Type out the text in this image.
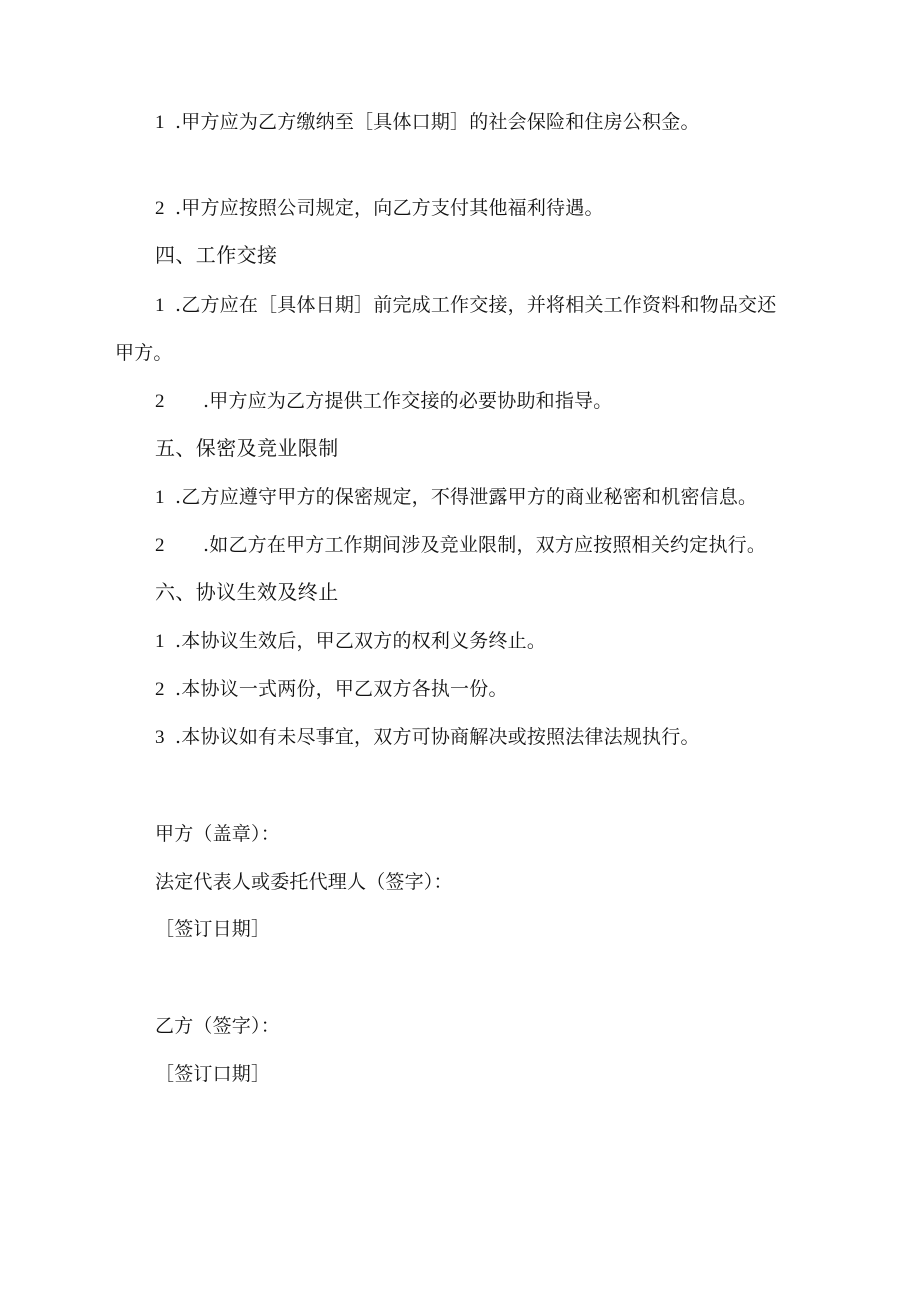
1 .甲方应为乙方缴纳至［具体口期］的社会保险和住房公积金。
2 .甲方应按照公司规定，向乙方支付其他福利待遇。
四、工作交接
1 .乙方应在［具体日期］前完成工作交接，并将相关工作资料和物品交还
甲方。
2 .甲方应为乙方提供工作交接的必要协助和指导。
五、保密及竞业限制
1 .乙方应遵守甲方的保密规定，不得泄露甲方的商业秘密和机密信息。
2 .如乙方在甲方工作期间涉及竞业限制，双方应按照相关约定执行。
六、协议生效及终止
1 .本协议生效后，甲乙双方的权利义务终止。
2 .本协议一式两份，甲乙双方各执一份。
3 .本协议如有未尽事宜，双方可协商解决或按照法律法规执行。
甲方（盖章）：
法定代表人或委托代理人（签字）：
［签订日期］
乙方（签字）：
［签订口期］
